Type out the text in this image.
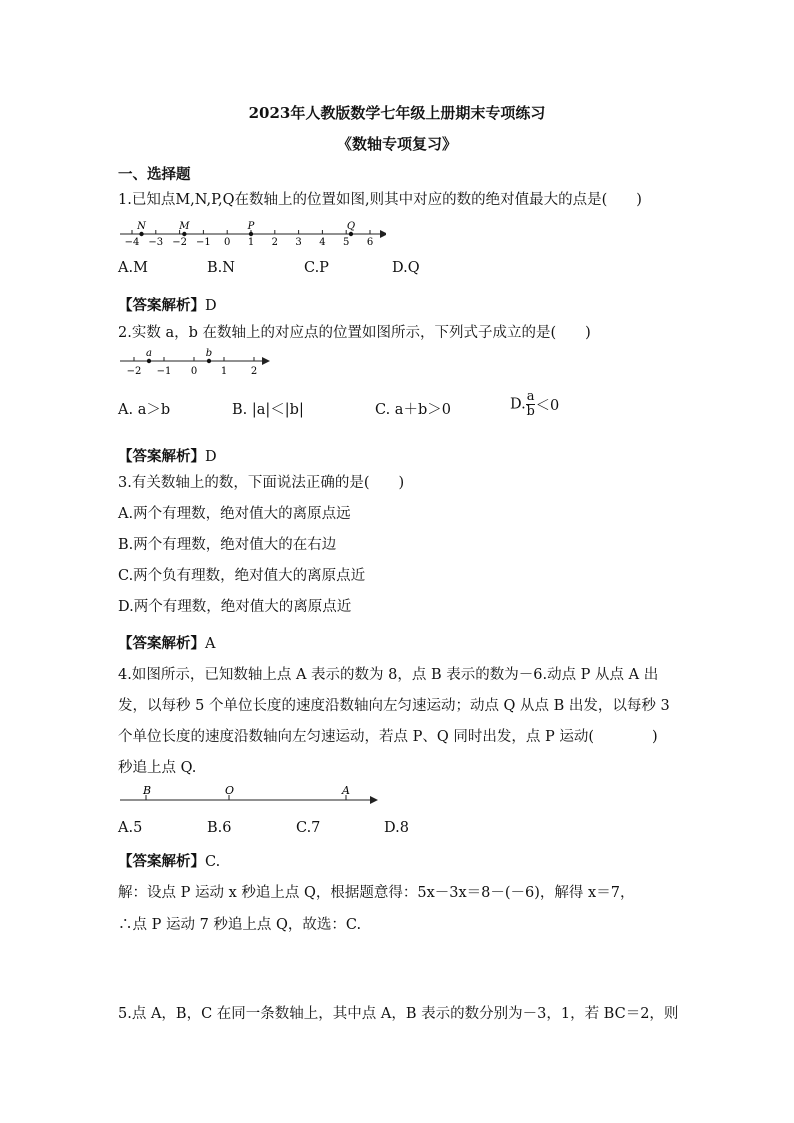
2023年人教版数学七年级上册期末专项练习
《数轴专项复习》
一、选择题
1.已知点M,N,P,Q在数轴上的位置如图,则其中对应的数的绝对值最大的点是(　　)
−4 −3 −2 −1 0 1 2 3 4 5 6
N	M	P	Q
A.M	B.N	C.P	D.Q
【答案解析】D
2.实数 a，b 在数轴上的对应点的位置如图所示，下列式子成立的是(　　)
−2 −1 0 1 2
a	b
A. a＞b	B. |a|＜|b|	C. a＋b＞0	D. $\frac{a}{b} <0$
【答案解析】D
3.有关数轴上的数，下面说法正确的是(　　)
A.两个有理数，绝对值大的离原点远
B.两个有理数，绝对值大的在右边
C.两个负有理数，绝对值大的离原点近
D.两个有理数，绝对值大的离原点近
【答案解析】A
4.如图所示，已知数轴上点 A 表示的数为 8，点 B 表示的数为－6.动点 P 从点 A 出
发，以每秒 5 个单位长度的速度沿数轴向左匀速运动；动点 Q 从点 B 出发，以每秒 3
个单位长度的速度沿数轴向左匀速运动，若点 P、Q 同时出发，点 P 运动(　　　　)
秒追上点 Q.
B	O	A
A.5	B.6	C.7	D.8
【答案解析】C.
解：设点 P 运动 x 秒追上点 Q，根据题意得：5x－3x＝8－(－6)，解得 x＝7，
∴点 P 运动 7 秒追上点 Q，故选：C.
5.点 A，B，C 在同一条数轴上，其中点 A，B 表示的数分别为－3，1，若 BC＝2，则
